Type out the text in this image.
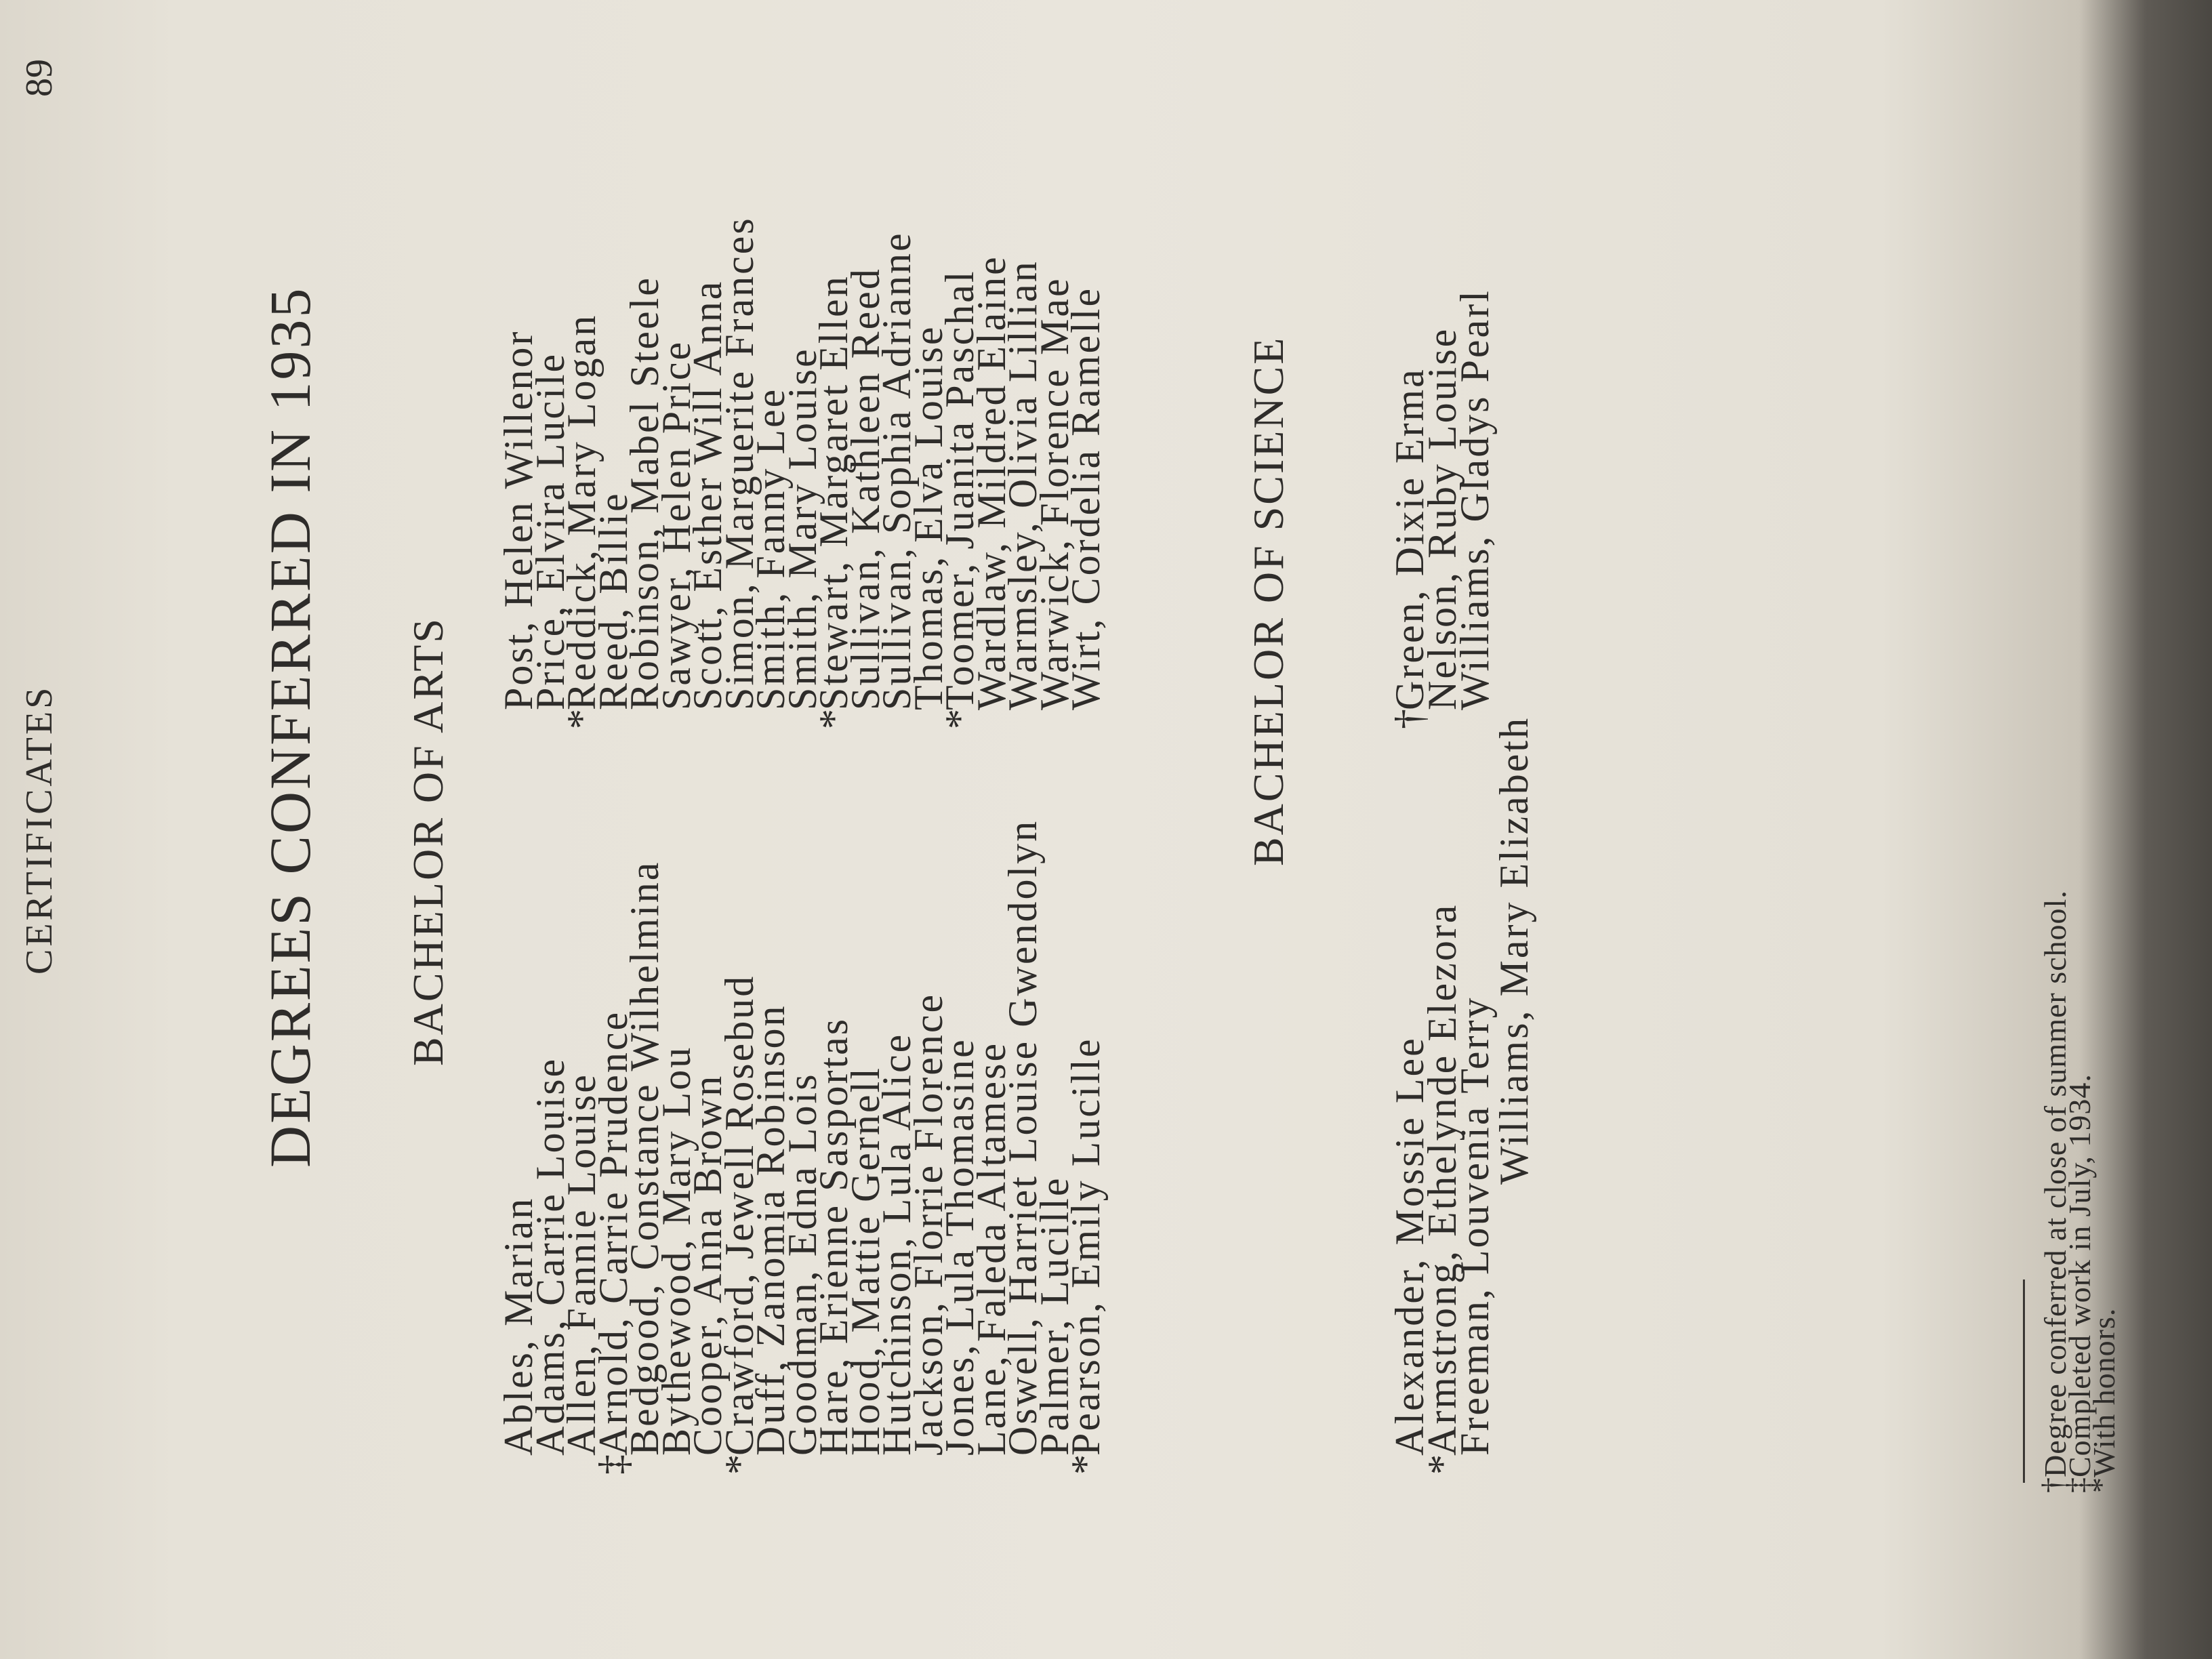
CERTIFICATES
89
DEGREES CONFERRED IN 1935 BACHELOR OF ARTS	BACHELOR OF SCIENCE
Ables, Marian
Adams, Carrie Louise
Allen, Fannie Louise
‡
Arnold, Carrie Prudence
Bedgood, Constance Wilhelmina
Bythewood, Mary Lou
Cooper, Anna Brown
*
Crawford, Jewell Rosebud
Duff, Zanomia Robinson
Goodman, Edna Lois
Hare, Erienne Sasportas
Hood, Mattie Gernell
Hutchinson, Lula Alice
Jackson, Florrie Florence
Jones, Lula Thomasine
Lane, Faleda Altamese
Oswell, Harriet Louise Gwendolyn
Palmer, Lucille
*
Pearson, Emily Lucille
Post, Helen Willenor
Price, Elvira Lucile
*
Reddick, Mary Logan
Reed, Billie
Robinson, Mabel Steele
Sawyer, Helen Price
Scott, Esther Will Anna
Simon, Marguerite Frances
Smith, Fanny Lee
Smith, Mary Louise
*
Stewart, Margaret Ellen
Sullivan, Kathleen Reed
Sullivan, Sophia Adrianne
Thomas, Elva Louise
*
Toomer, Juanita Paschal
Wardlaw, Mildred Elaine
Warmsley, Olivia Lillian
Warwick, Florence Mae
Wirt, Cordelia Ramelle
Alexander, Mossie Lee
*
Armstrong, Ethelynde Elezora
Freeman, Louvenia Terry
Williams, Mary Elizabeth
†
Green, Dixie Erma
Nelson, Ruby Louise
Williams, Gladys Pearl
†
Degree conferred at close of summer school.
‡
Completed work in July, 1934.
*
With honors.
